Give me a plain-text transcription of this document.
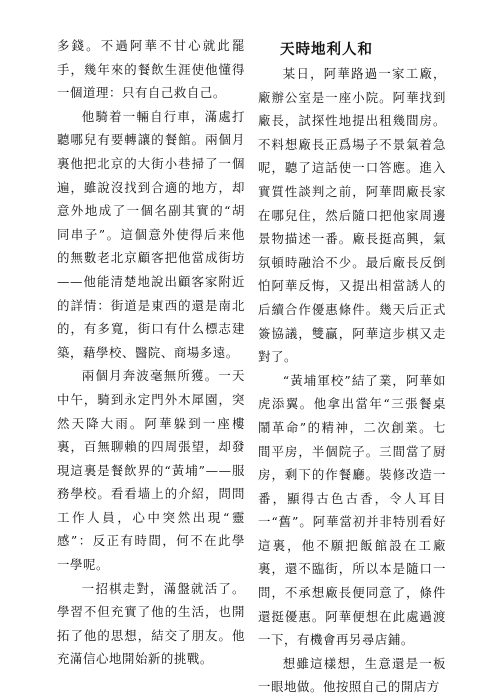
多錢。不過阿華不甘心就此罷手，幾年來的餐飲生涯使他懂得一個道理：只有自己救自己。

他騎着一輛自行車，滿處打聽哪兒有要轉讓的餐館。兩個月裏他把北京的大街小巷掃了一個遍，雖說沒找到合適的地方，却意外地成了一個名副其實的“胡同串子”。這個意外使得后来他的無數老北京顧客把他當成街坊——他能清楚地說出顧客家附近的詳情：街道是東西的還是南北的，有多寬，街口有什么標志建築，藉學校、醫院、商場多遠。

兩個月奔波毫無所獲。一天中午，騎到永定門外木犀園，突然天降大雨。阿華躲到一座樓裏，百無聊賴的四周張望，却發現這裏是餐飲界的“黃埔”——服務學校。看看墙上的介紹，問問工作人員，心中突然出現“靈感”：反正有時間，何不在此學一學呢。

一招棋走對，滿盤就活了。學習不但充實了他的生活，也開拓了他的思想，結交了朋友。他充滿信心地開始新的挑戰。

天時地利人和

某日，阿華路過一家工廠，廠辦公室是一座小院。阿華找到廠長，試探性地提出租幾間房。不料想廠長正爲場子不景氣着急呢，聽了這話使一口答應。進入實質性談判之前，阿華問廠長家在哪兒住，然后隨口把他家周邊景物描述一番。廠長挺高興，氣氛頓時融洽不少。最后廠長反倒怕阿華反悔，又提出相當誘人的后續合作優惠條件。幾天后正式簽協議，雙贏，阿華這步棋又走對了。

“黃埔軍校”結了業，阿華如虎添翼。他拿出當年“三張餐桌鬧革命”的精神，二次創業。七間平房，半個院子。三間當了厨房，剩下的作餐廳。裝修改造一番，顯得古色古香，令人耳目一“舊”。阿華當初并非特別看好這裏，他不願把飯館設在工廠裏，還不臨街，所以本是隨口一問，不承想廠長便同意了，條件還挺優惠。阿華便想在此處過渡一下，有機會再另尋店鋪。

想雖這樣想，生意還是一板一眼地做。他按照自己的開店方
